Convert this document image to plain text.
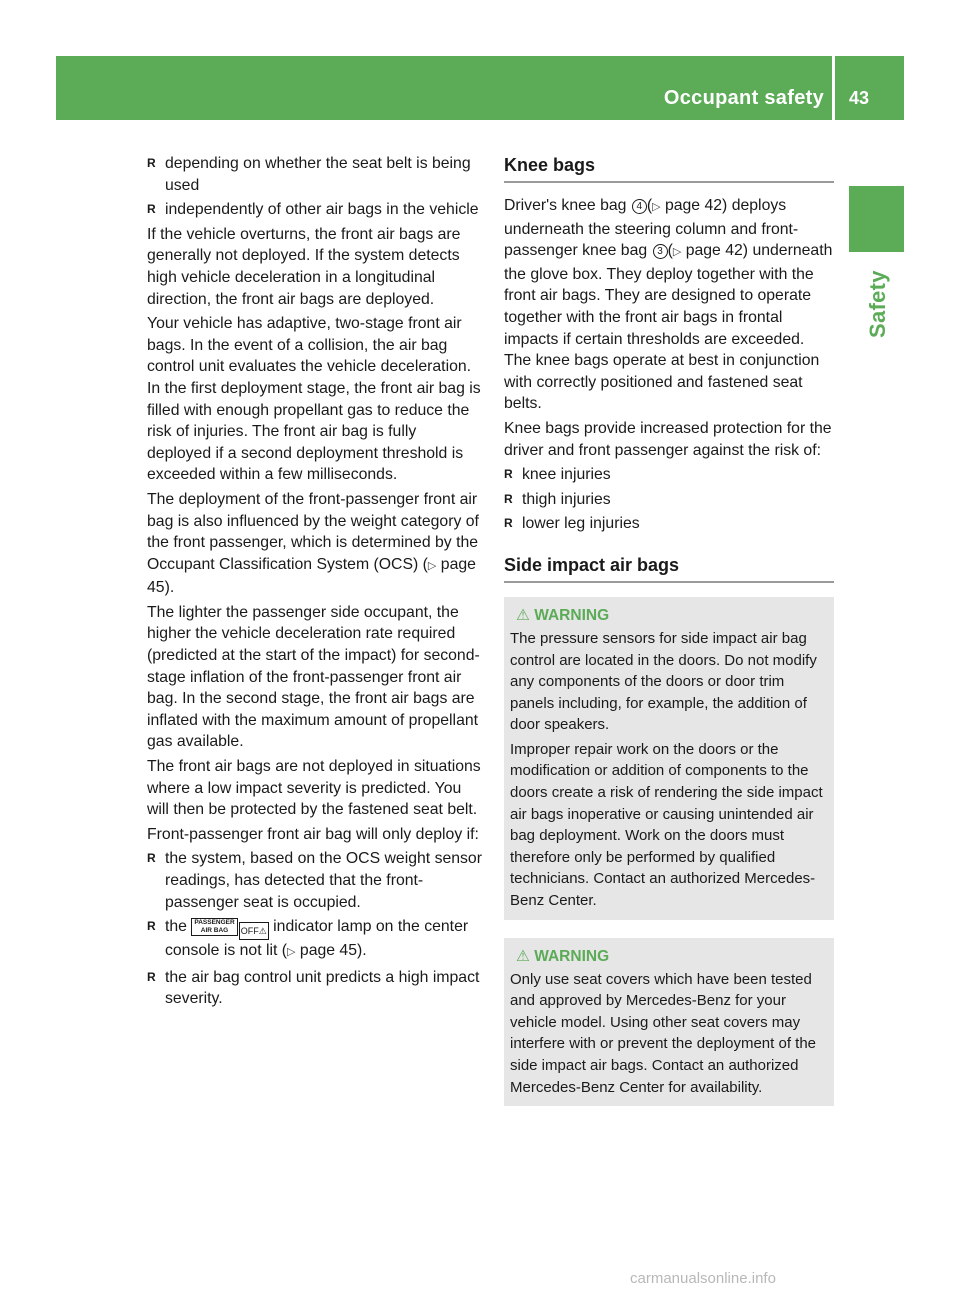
Occupant safety	43
Safety
R depending on whether the seat belt is being used
R independently of other air bags in the vehicle

If the vehicle overturns, the front air bags are generally not deployed. If the system detects high vehicle deceleration in a longitudinal direction, the front air bags are deployed.

Your vehicle has adaptive, two-stage front air bags. In the event of a collision, the air bag control unit evaluates the vehicle deceleration. In the first deployment stage, the front air bag is filled with enough propellant gas to reduce the risk of injuries. The front air bag is fully deployed if a second deployment threshold is exceeded within a few milliseconds.

The deployment of the front-passenger front air bag is also influenced by the weight category of the front passenger, which is determined by the Occupant Classification System (OCS) (▷ page 45).

The lighter the passenger side occupant, the higher the vehicle deceleration rate required (predicted at the start of the impact) for second-stage inflation of the front-passenger front air bag. In the second stage, the front air bags are inflated with the maximum amount of propellant gas available.

The front air bags are not deployed in situations where a low impact severity is predicted. You will then be protected by the fastened seat belt.

Front-passenger front air bag will only deploy if:

R the system, based on the OCS weight sensor readings, has detected that the front-passenger seat is occupied.
R the PASSENGER
AIR BAG OFF⚠ indicator lamp on the center console is not lit (▷ page 45).
R the air bag control unit predicts a high impact severity.
Knee bags

Driver's knee bag 4 (▷ page 42) deploys underneath the steering column and front-passenger knee bag 3 (▷ page 42) underneath the glove box. They deploy together with the front air bags. They are designed to operate together with the front air bags in frontal impacts if certain thresholds are exceeded. The knee bags operate at best in conjunction with correctly positioned and fastened seat belts.

Knee bags provide increased protection for the driver and front passenger against the risk of:

R knee injuries
R thigh injuries
R lower leg injuries
Side impact air bags
⚠ WARNING

The pressure sensors for side impact air bag control are located in the doors. Do not modify any components of the doors or door trim panels including, for example, the addition of door speakers.

Improper repair work on the doors or the modification or addition of components to the doors create a risk of rendering the side impact air bags inoperative or causing unintended air bag deployment. Work on the doors must therefore only be performed by qualified technicians. Contact an authorized Mercedes-Benz Center.

⚠ WARNING

Only use seat covers which have been tested and approved by Mercedes-Benz for your vehicle model. Using other seat covers may interfere with or prevent the deployment of the side impact air bags. Contact an authorized Mercedes-Benz Center for availability.

carmanualsonline.info
